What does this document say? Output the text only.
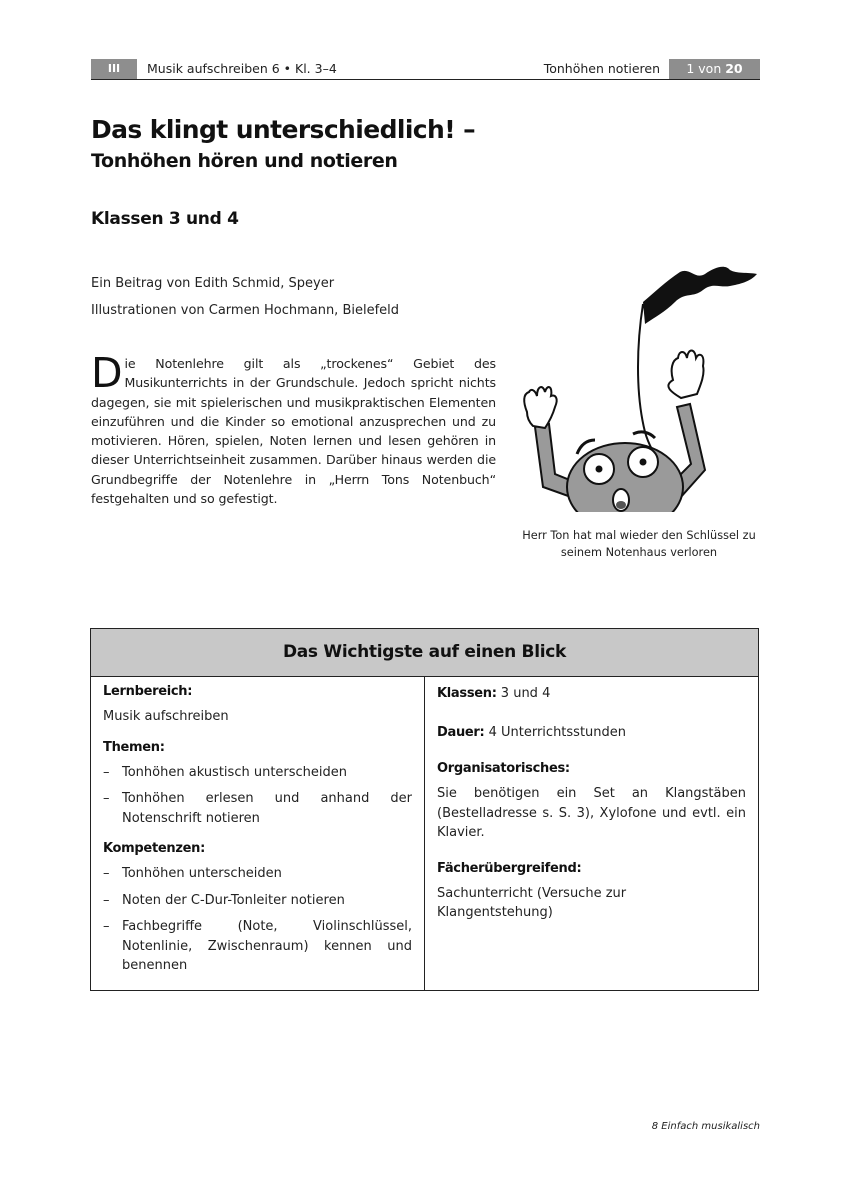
III	Musik aufschreiben 6 • Kl. 3–4	Tonhöhen notieren	1 von 20
Das klingt unterschiedlich! –
Tonhöhen hören und notieren
Klassen 3 und 4
Ein Beitrag von Edith Schmid, Speyer
Illustrationen von Carmen Hochmann, Bielefeld
Die Notenlehre gilt als „trockenes“ Gebiet des Musikunterrichts in der Grundschule. Jedoch spricht nichts dagegen, sie mit spielerischen und musikpraktischen Elementen einzuführen und die Kinder so emotional anzusprechen und zu motivieren. Hören, spielen, Noten lernen und lesen gehören in dieser Unterrichtseinheit zusammen. Darüber hinaus werden die Grundbegriffe der Notenlehre in „Herrn Tons Notenbuch“ festgehalten und so gefestigt.
Herr Ton hat mal wieder den Schlüssel zu
seinem Notenhaus verloren
Das Wichtigste auf einen Blick
Lernbereich:
Musik aufschreiben
Themen:
– Tonhöhen akustisch unterscheiden
– Tonhöhen erlesen und anhand der Notenschrift notieren
Kompetenzen:
– Tonhöhen unterscheiden
– Noten der C-Dur-Tonleiter notieren
– Fachbegriffe (Note, Violinschlüssel, Notenlinie, Zwischenraum) kennen und benennen
Klassen: 3 und 4
Dauer: 4 Unterrichtsstunden
Organisatorisches:
Sie benötigen ein Set an Klangstäben (Bestelladresse s. S. 3), Xylofone und evtl. ein Klavier.
Fächerübergreifend:
Sachunterricht (Versuche zur Klangentstehung)
8 Einfach musikalisch
